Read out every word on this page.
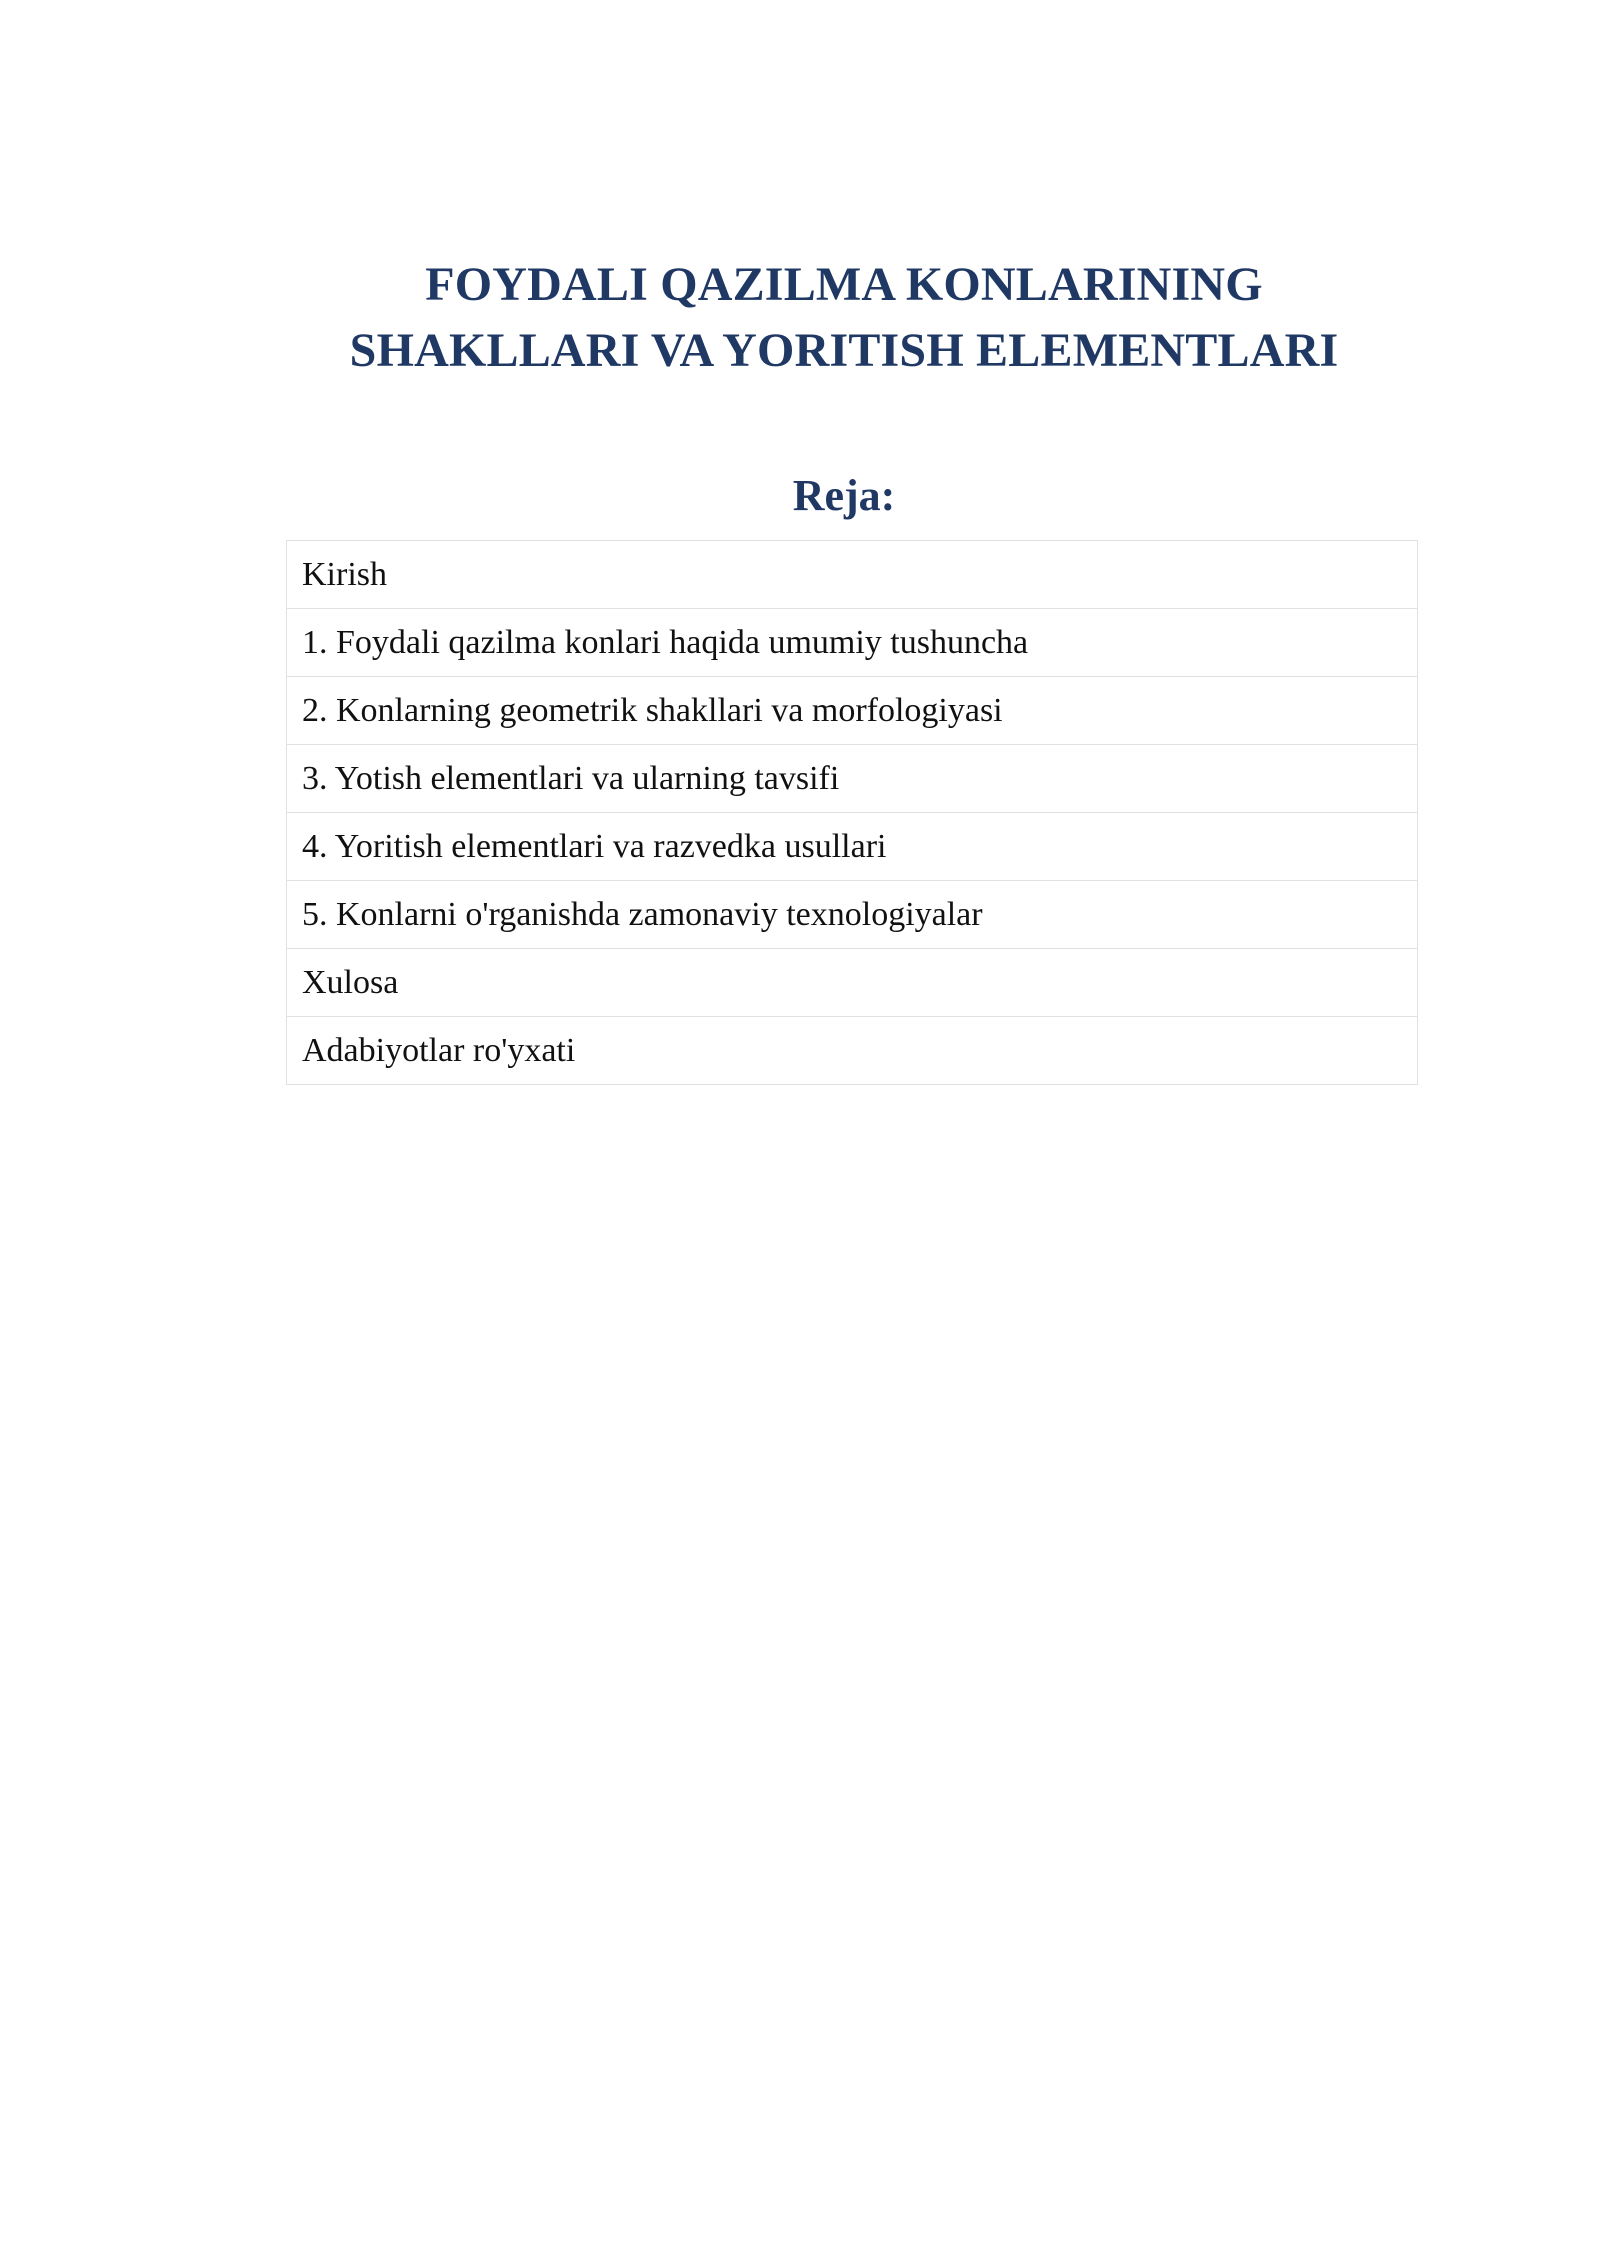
FOYDALI QAZILMA KONLARINING
SHAKLLARI VA YORITISH ELEMENTLARI
Reja:
Kirish
1. Foydali qazilma konlari haqida umumiy tushuncha
2. Konlarning geometrik shakllari va morfologiyasi
3. Yotish elementlari va ularning tavsifi
4. Yoritish elementlari va razvedka usullari
5. Konlarni o'rganishda zamonaviy texnologiyalar
Xulosa
Adabiyotlar ro'yxati
